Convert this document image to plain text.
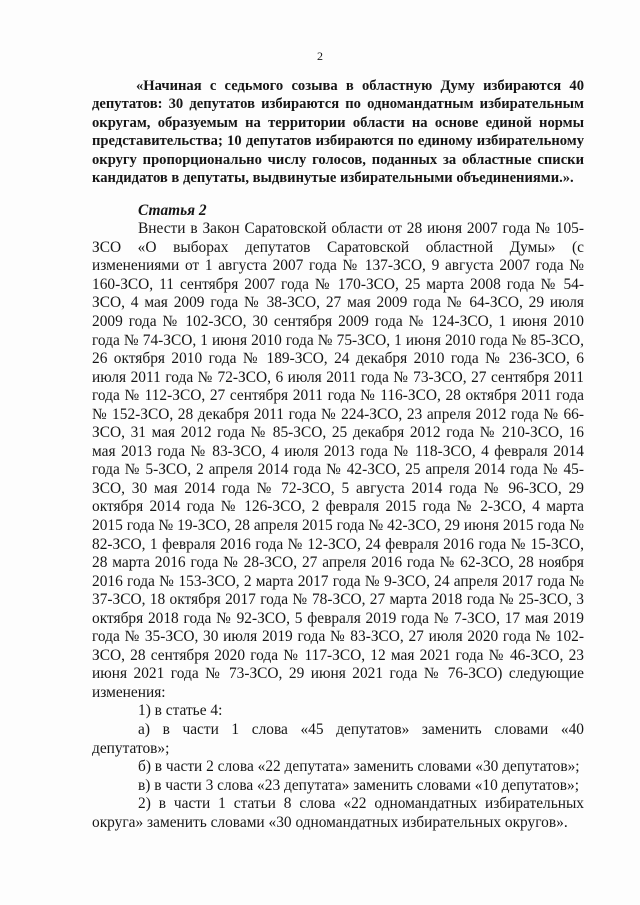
2

«Начиная с седьмого созыва в областную Думу избираются 40 депутатов: 30 депутатов избираются по одномандатным избирательным округам, образуемым на территории области на основе единой нормы представительства; 10 депутатов избираются по единому избирательному округу пропорционально числу голосов, поданных за областные списки кандидатов в депутаты, выдвинутые избирательными объединениями.».

Статья 2

Внести в Закон Саратовской области от 28 июня 2007 года № 105-ЗСО «О выборах депутатов Саратовской областной Думы» (с изменениями от 1 августа 2007 года № 137-ЗСО, 9 августа 2007 года № 160-ЗСО, 11 сентября 2007 года № 170-ЗСО, 25 марта 2008 года № 54-ЗСО, 4 мая 2009 года № 38-ЗСО, 27 мая 2009 года № 64-ЗСО, 29 июля 2009 года № 102-ЗСО, 30 сентября 2009 года № 124-ЗСО, 1 июня 2010 года № 74-ЗСО, 1 июня 2010 года № 75-ЗСО, 1 июня 2010 года № 85-ЗСО, 26 октября 2010 года № 189-ЗСО, 24 декабря 2010 года № 236-ЗСО, 6 июля 2011 года № 72-ЗСО, 6 июля 2011 года № 73-ЗСО, 27 сентября 2011 года № 112-ЗСО, 27 сентября 2011 года № 116-ЗСО, 28 октября 2011 года № 152-ЗСО, 28 декабря 2011 года № 224-ЗСО, 23 апреля 2012 года № 66-ЗСО, 31 мая 2012 года № 85-ЗСО, 25 декабря 2012 года № 210-ЗСО, 16 мая 2013 года № 83-ЗСО, 4 июля 2013 года № 118-ЗСО, 4 февраля 2014 года № 5-ЗСО, 2 апреля 2014 года № 42-ЗСО, 25 апреля 2014 года № 45-ЗСО, 30 мая 2014 года № 72-ЗСО, 5 августа 2014 года № 96-ЗСО, 29 октября 2014 года № 126-ЗСО, 2 февраля 2015 года № 2-ЗСО, 4 марта 2015 года № 19-ЗСО, 28 апреля 2015 года № 42-ЗСО, 29 июня 2015 года № 82-ЗСО, 1 февраля 2016 года № 12-ЗСО, 24 февраля 2016 года № 15-ЗСО, 28 марта 2016 года № 28-ЗСО, 27 апреля 2016 года № 62-ЗСО, 28 ноября 2016 года № 153-ЗСО, 2 марта 2017 года № 9-ЗСО, 24 апреля 2017 года № 37-ЗСО, 18 октября 2017 года № 78-ЗСО, 27 марта 2018 года № 25-ЗСО, 3 октября 2018 года № 92-ЗСО, 5 февраля 2019 года № 7-ЗСО, 17 мая 2019 года № 35-ЗСО, 30 июля 2019 года № 83-ЗСО, 27 июля 2020 года № 102-ЗСО, 28 сентября 2020 года № 117-ЗСО, 12 мая 2021 года № 46-ЗСО, 23 июня 2021 года № 73-ЗСО, 29 июня 2021 года № 76-ЗСО) следующие изменения:

1) в статье 4:

а) в части 1 слова «45 депутатов» заменить словами «40 депутатов»;

б) в части 2 слова «22 депутата» заменить словами «30 депутатов»;

в) в части 3 слова «23 депутата» заменить словами «10 депутатов»;

2) в части 1 статьи 8 слова «22 одномандатных избирательных округа» заменить словами «30 одномандатных избирательных округов».
